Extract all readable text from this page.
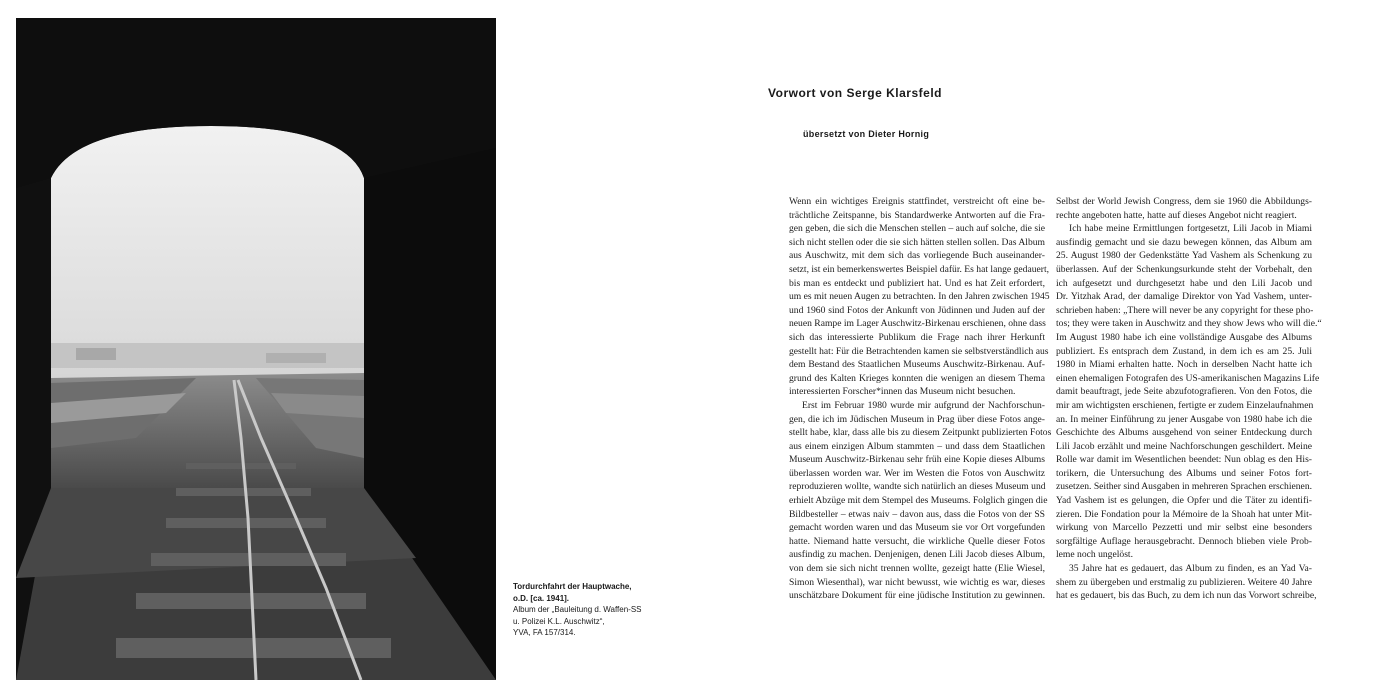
Tordurchfahrt der Hauptwache,
o.D. [ca. 1941].
Album der „Bauleitung d. Waffen-SS
u. Polizei K.L. Auschwitz“,
YVA, FA 157/314.
Vorwort von Serge Klarsfeld
übersetzt von Dieter Hornig

Wenn ein wichtiges Ereignis stattfindet, verstreicht oft eine be-
trächtliche Zeitspanne, bis Standardwerke Antworten auf die Fra-
gen geben, die sich die Menschen stellen – auch auf solche, die sie
sich nicht stellen oder die sie sich hätten stellen sollen. Das Album
aus Auschwitz, mit dem sich das vorliegende Buch auseinander-
setzt, ist ein bemerkenswertes Beispiel dafür. Es hat lange gedauert,
bis man es entdeckt und publiziert hat. Und es hat Zeit erfordert,
um es mit neuen Augen zu betrachten. In den Jahren zwischen 1945
und 1960 sind Fotos der Ankunft von Jüdinnen und Juden auf der
neuen Rampe im Lager Auschwitz-Birkenau erschienen, ohne dass
sich das interessierte Publikum die Frage nach ihrer Herkunft
gestellt hat: Für die Betrachtenden kamen sie selbstverständlich aus
dem Bestand des Staatlichen Museums Auschwitz-Birkenau. Auf-
grund des Kalten Krieges konnten die wenigen an diesem Thema
interessierten Forscher*innen das Museum nicht besuchen.

Erst im Februar 1980 wurde mir aufgrund der Nachforschun-
gen, die ich im Jüdischen Museum in Prag über diese Fotos ange-
stellt habe, klar, dass alle bis zu diesem Zeitpunkt publizierten Fotos
aus einem einzigen Album stammten – und dass dem Staatlichen
Museum Auschwitz-Birkenau sehr früh eine Kopie dieses Albums
überlassen worden war. Wer im Westen die Fotos von Auschwitz
reproduzieren wollte, wandte sich natürlich an dieses Museum und
erhielt Abzüge mit dem Stempel des Museums. Folglich gingen die
Bildbesteller – etwas naiv – davon aus, dass die Fotos von der SS
gemacht worden waren und das Museum sie vor Ort vorgefunden
hatte. Niemand hatte versucht, die wirkliche Quelle dieser Fotos
ausfindig zu machen. Denjenigen, denen Lili Jacob dieses Album,
von dem sie sich nicht trennen wollte, gezeigt hatte (Elie Wiesel,
Simon Wiesenthal), war nicht bewusst, wie wichtig es war, dieses
unschätzbare Dokument für eine jüdische Institution zu gewinnen.

Selbst der World Jewish Congress, dem sie 1960 die Abbildungs-
rechte angeboten hatte, hatte auf dieses Angebot nicht reagiert.

Ich habe meine Ermittlungen fortgesetzt, Lili Jacob in Miami
ausfindig gemacht und sie dazu bewegen können, das Album am
25. August 1980 der Gedenkstätte Yad Vashem als Schenkung zu
überlassen. Auf der Schenkungsurkunde steht der Vorbehalt, den
ich aufgesetzt und durchgesetzt habe und den Lili Jacob und
Dr. Yitzhak Arad, der damalige Direktor von Yad Vashem, unter-
schrieben haben: „There will never be any copyright for these pho-
tos; they were taken in Auschwitz and they show Jews who will die.“
Im August 1980 habe ich eine vollständige Ausgabe des Albums
publiziert. Es entsprach dem Zustand, in dem ich es am 25. Juli
1980 in Miami erhalten hatte. Noch in derselben Nacht hatte ich
einen ehemaligen Fotografen des US-amerikanischen Magazins Life
damit beauftragt, jede Seite abzufotografieren. Von den Fotos, die
mir am wichtigsten erschienen, fertigte er zudem Einzelaufnahmen
an. In meiner Einführung zu jener Ausgabe von 1980 habe ich die
Geschichte des Albums ausgehend von seiner Entdeckung durch
Lili Jacob erzählt und meine Nachforschungen geschildert. Meine
Rolle war damit im Wesentlichen beendet: Nun oblag es den His-
torikern, die Untersuchung des Albums und seiner Fotos fort-
zusetzen. Seither sind Ausgaben in mehreren Sprachen erschienen.
Yad Vashem ist es gelungen, die Opfer und die Täter zu identifi-
zieren. Die Fondation pour la Mémoire de la Shoah hat unter Mit-
wirkung von Marcello Pezzetti und mir selbst eine besonders
sorgfältige Auflage herausgebracht. Dennoch blieben viele Prob-
leme noch ungelöst.

35 Jahre hat es gedauert, das Album zu finden, es an Yad Va-
shem zu übergeben und erstmalig zu publizieren. Weitere 40 Jahre
hat es gedauert, bis das Buch, zu dem ich nun das Vorwort schreibe,
